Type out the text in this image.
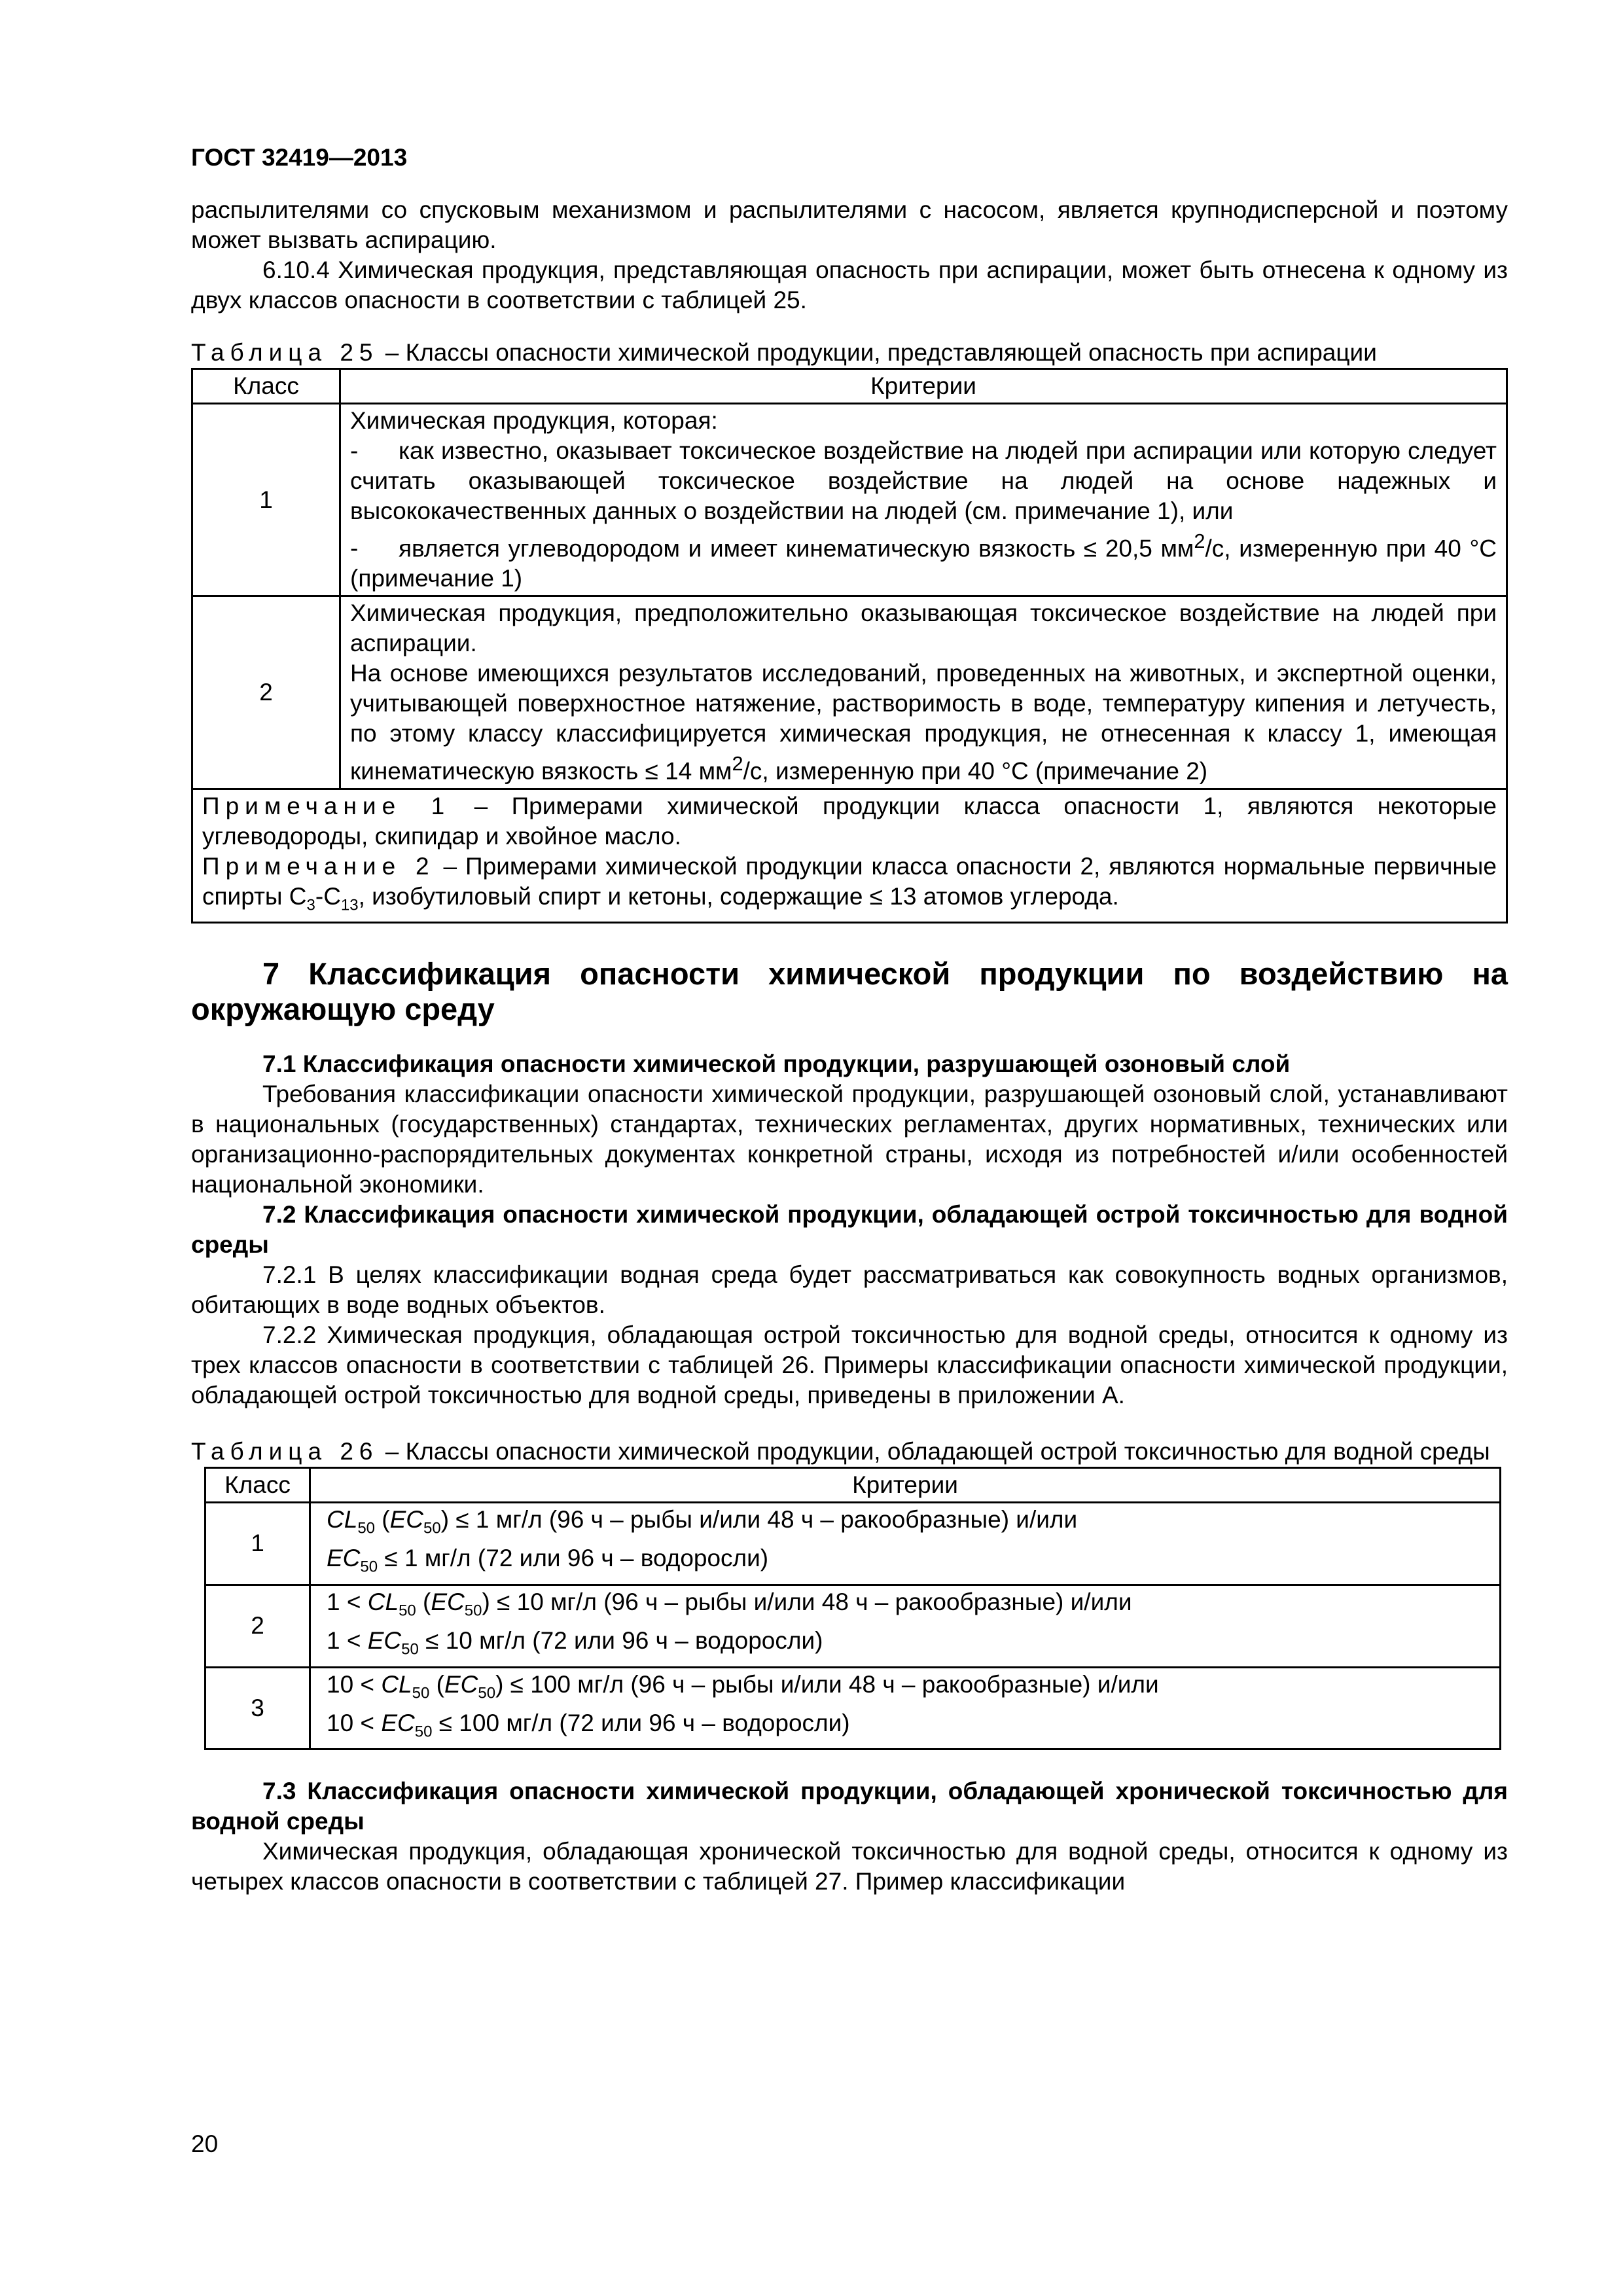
ГОСТ 32419—2013

распылителями со спусковым механизмом и распылителями с насосом, является крупнодисперсной и поэтому может вызвать аспирацию.

6.10.4 Химическая продукция, представляющая опасность при аспирации, может быть отнесена к одному из двух классов опасности в соответствии с таблицей 25.

Таблица 25 – Классы опасности химической продукции, представляющей опасность при аспирации
Класс	Критерии
1	Химическая продукция, которая:
- как известно, оказывает токсическое воздействие на людей при аспирации или которую следует считать оказывающей токсическое воздействие на людей на основе надежных и высококачественных данных о воздействии на людей (см. примечание 1), или
- является углеводородом и имеет кинематическую вязкость ≤ 20,5 $мм^2/с$, измеренную при 40 °С (примечание 1)

2	Химическая продукция, предположительно оказывающая токсическое воздействие на людей при аспирации.
На основе имеющихся результатов исследований, проведенных на животных, и экспертной оценки, учитывающей поверхностное натяжение, растворимость в воде, температуру кипения и летучесть, по этому классу классифицируется химическая продукция, не отнесенная к классу 1, имеющая кинематическую вязкость ≤ 14 $мм^2/с$, измеренную при 40 °С (примечание 2)

Примечание 1 – Примерами химической продукции класса опасности 1, являются некоторые углеводороды, скипидар и хвойное масло.
Примечание 2 – Примерами химической продукции класса опасности 2, являются нормальные первичные спирты $С_3-С_{13}$, изобутиловый спирт и кетоны, содержащие ≤ 13 атомов углерода.	
7 Классификация опасности химической продукции по воздействию на окружающую среду
7.1 Классификация опасности химической продукции, разрушающей озоновый слой

Требования классификации опасности химической продукции, разрушающей озоновый слой, устанавливают в национальных (государственных) стандартах, технических регламентах, других нормативных, технических или организационно-распорядительных документах конкретной страны, исходя из потребностей и/или особенностей национальной экономики.

7.2 Классификация опасности химической продукции, обладающей острой токсичностью для водной среды

7.2.1 В целях классификации водная среда будет рассматриваться как совокупность водных организмов, обитающих в воде водных объектов.

7.2.2 Химическая продукция, обладающая острой токсичностью для водной среды, относится к одному из трех классов опасности в соответствии с таблицей 26. Примеры классификации опасности химической продукции, обладающей острой токсичностью для водной среды, приведены в приложении А.

Таблица 26 – Классы опасности химической продукции, обладающей острой токсичностью для водной среды
Класс	Критерии
1	$CL_{50}$ $(EC_{50}) \le 1$ мг/л (96 ч – рыбы и/или 48 ч – ракообразные) и/или
$EC_{50} \le 1$ мг/л (72 или 96 ч – водоросли)

2	$1 < CL_{50}$ $(EC_{50}) \le 10$ мг/л (96 ч – рыбы и/или 48 ч – ракообразные) и/или
$1 < EC_{50} \le 10$ мг/л (72 или 96 ч – водоросли)

3	$10 < CL_{50}$ $(EC_{50}) \le 100$ мг/л (96 ч – рыбы и/или 48 ч – ракообразные) и/или
$10 < EC_{50} \le 100$ мг/л (72 или 96 ч – водоросли)
7.3 Классификация опасности химической продукции, обладающей хронической токсичностью для водной среды

Химическая продукция, обладающая хронической токсичностью для водной среды, относится к одному из четырех классов опасности в соответствии с таблицей 27. Пример классификации

20
